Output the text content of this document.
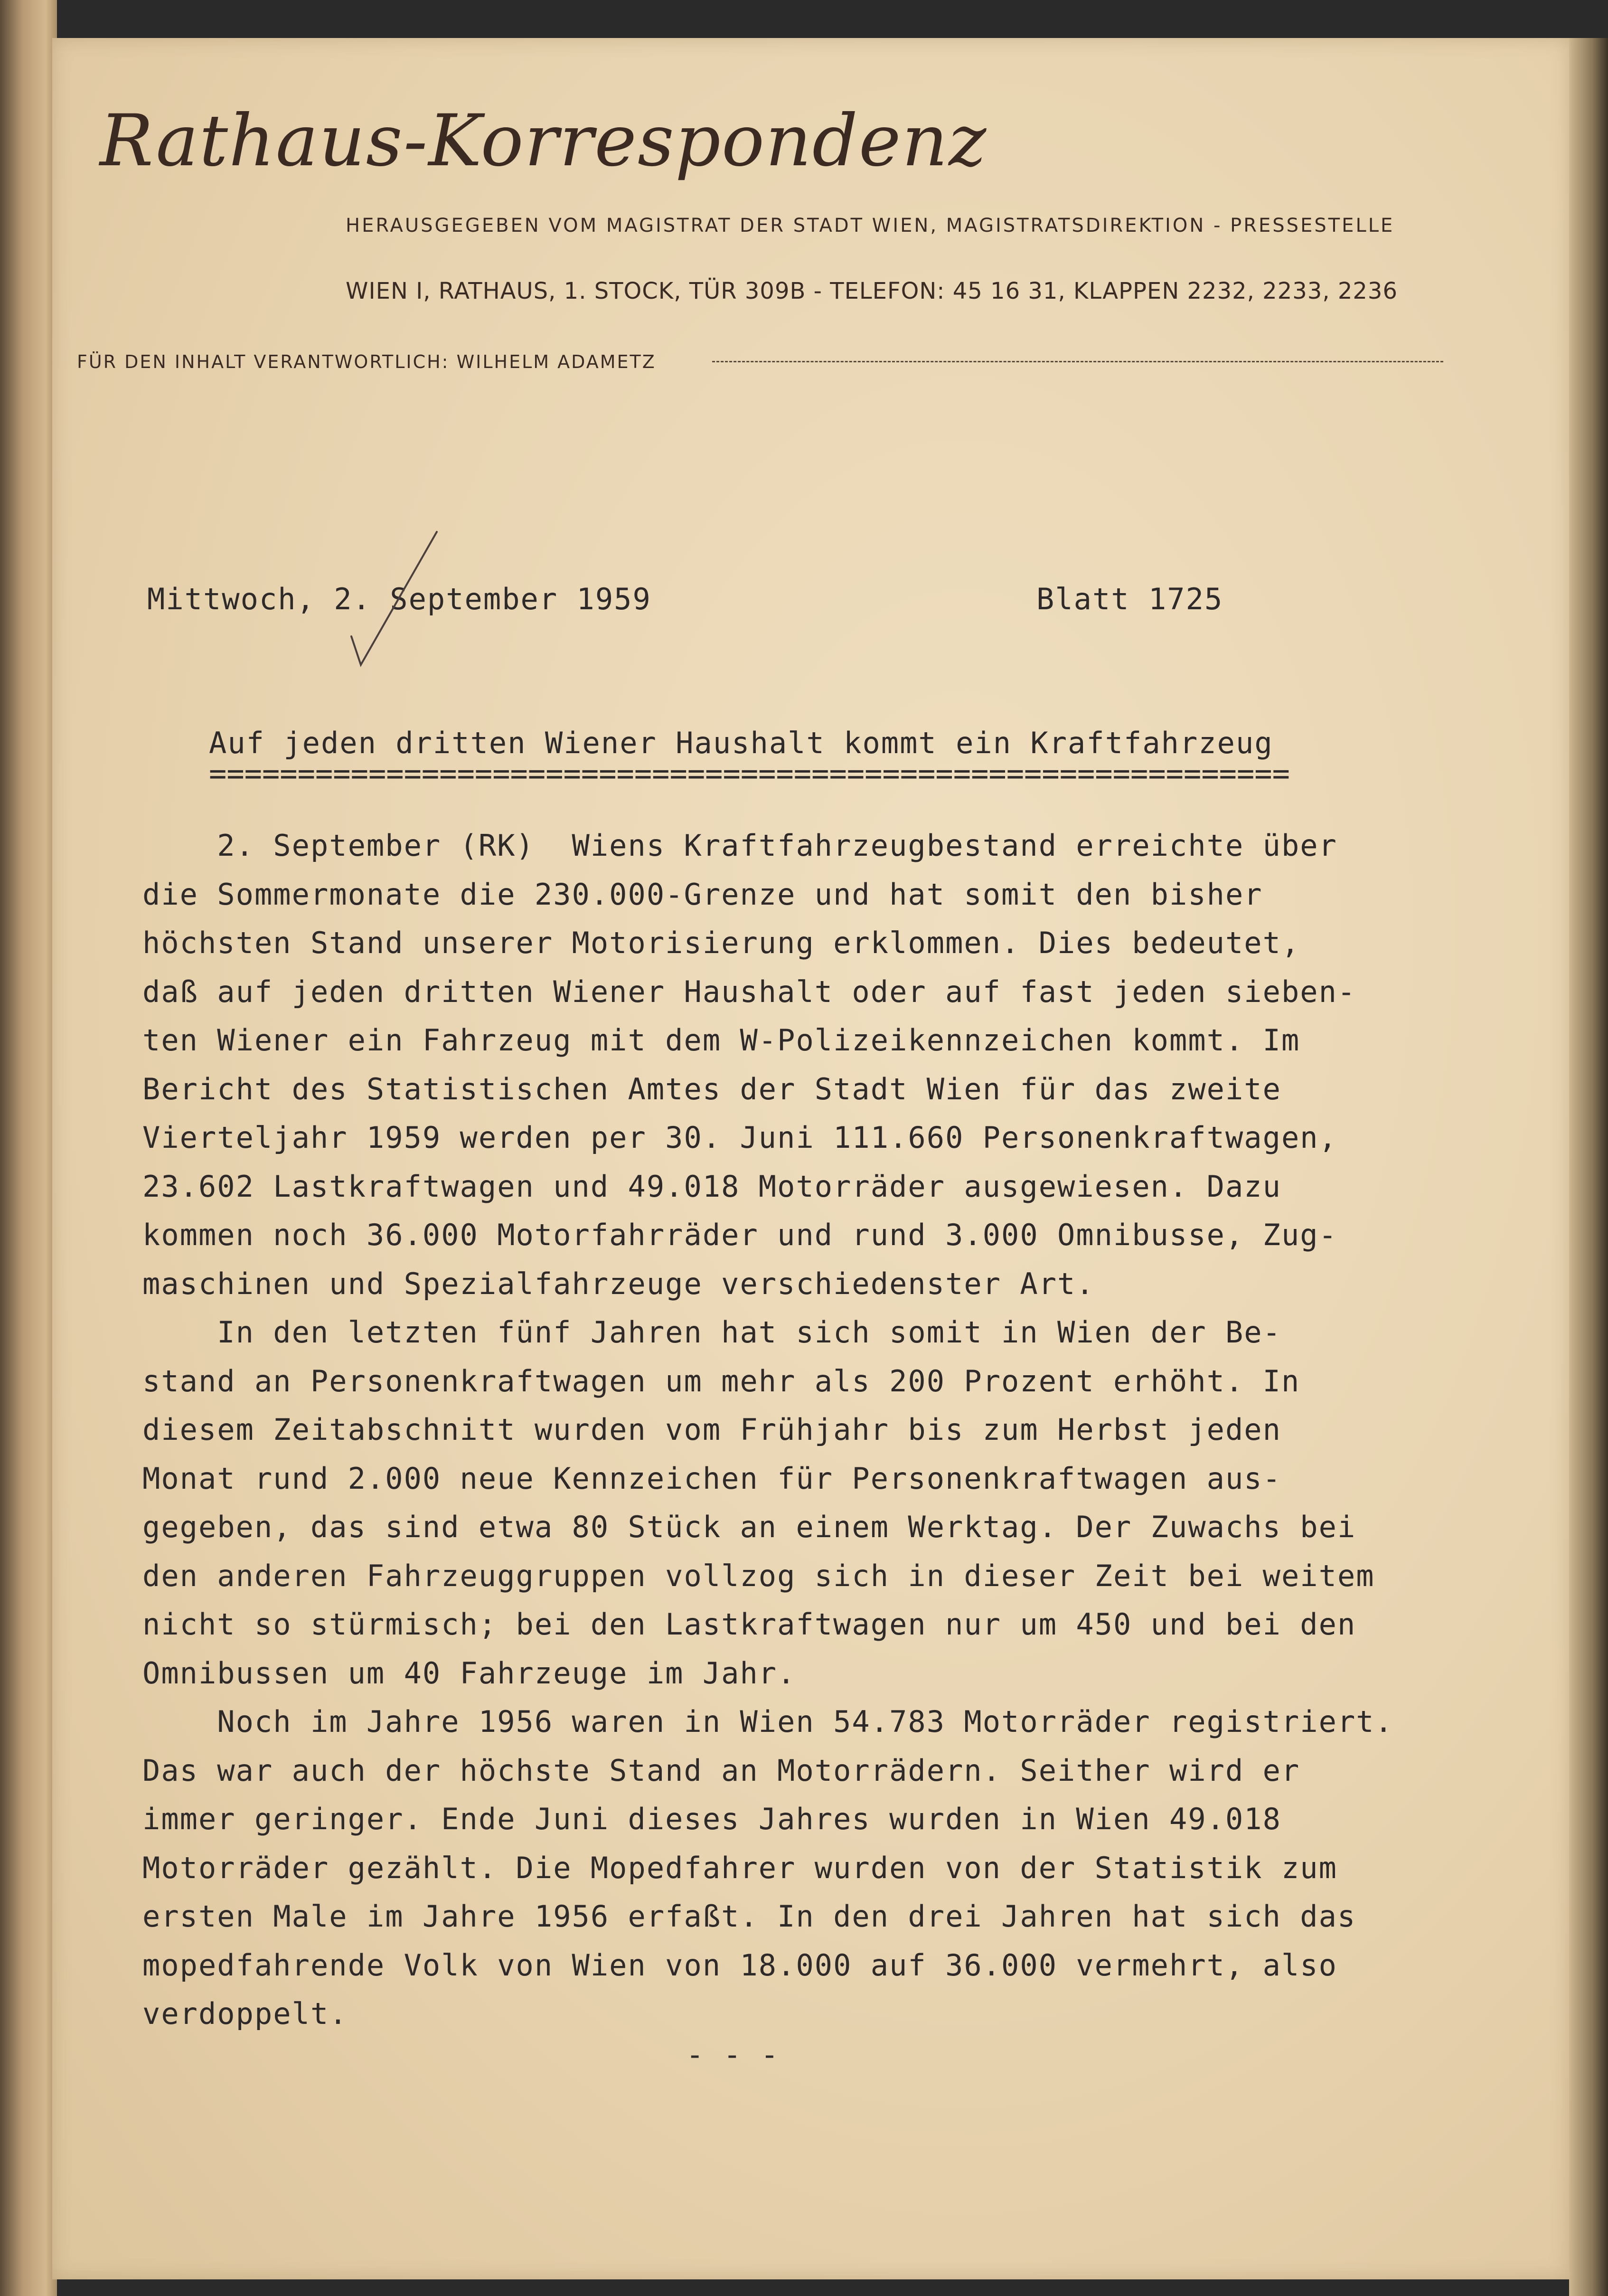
Rathaus-Korrespondenz
HERAUSGEGEBEN VOM MAGISTRAT DER STADT WIEN, MAGISTRATSDIREKTION - PRESSESTELLE
WIEN I, RATHAUS, 1. STOCK, TÜR 309B - TELEFON: 45 16 31, KLAPPEN 2232, 2233, 2236
FÜR DEN INHALT VERANTWORTLICH: WILHELM ADAMETZ
Mittwoch, 2. September 1959	Blatt 1725
Auf jeden dritten Wiener Haushalt kommt ein Kraftfahrzeug
=============================================================
2. September (RK)  Wiens Kraftfahrzeugbestand erreichte über
die Sommermonate die 230.000-Grenze und hat somit den bisher
höchsten Stand unserer Motorisierung erklommen. Dies bedeutet,
daß auf jeden dritten Wiener Haushalt oder auf fast jeden sieben-
ten Wiener ein Fahrzeug mit dem W-Polizeikennzeichen kommt. Im
Bericht des Statistischen Amtes der Stadt Wien für das zweite
Vierteljahr 1959 werden per 30. Juni 111.660 Personenkraftwagen,
23.602 Lastkraftwagen und 49.018 Motorräder ausgewiesen. Dazu
kommen noch 36.000 Motorfahrräder und rund 3.000 Omnibusse, Zug-
maschinen und Spezialfahrzeuge verschiedenster Art.
In den letzten fünf Jahren hat sich somit in Wien der Be-
stand an Personenkraftwagen um mehr als 200 Prozent erhöht. In
diesem Zeitabschnitt wurden vom Frühjahr bis zum Herbst jeden
Monat rund 2.000 neue Kennzeichen für Personenkraftwagen aus-
gegeben, das sind etwa 80 Stück an einem Werktag. Der Zuwachs bei
den anderen Fahrzeuggruppen vollzog sich in dieser Zeit bei weitem
nicht so stürmisch; bei den Lastkraftwagen nur um 450 und bei den
Omnibussen um 40 Fahrzeuge im Jahr.
Noch im Jahre 1956 waren in Wien 54.783 Motorräder registriert.
Das war auch der höchste Stand an Motorrädern. Seither wird er
immer geringer. Ende Juni dieses Jahres wurden in Wien 49.018
Motorräder gezählt. Die Mopedfahrer wurden von der Statistik zum
ersten Male im Jahre 1956 erfaßt. In den drei Jahren hat sich das
mopedfahrende Volk von Wien von 18.000 auf 36.000 vermehrt, also
verdoppelt.
- - -
